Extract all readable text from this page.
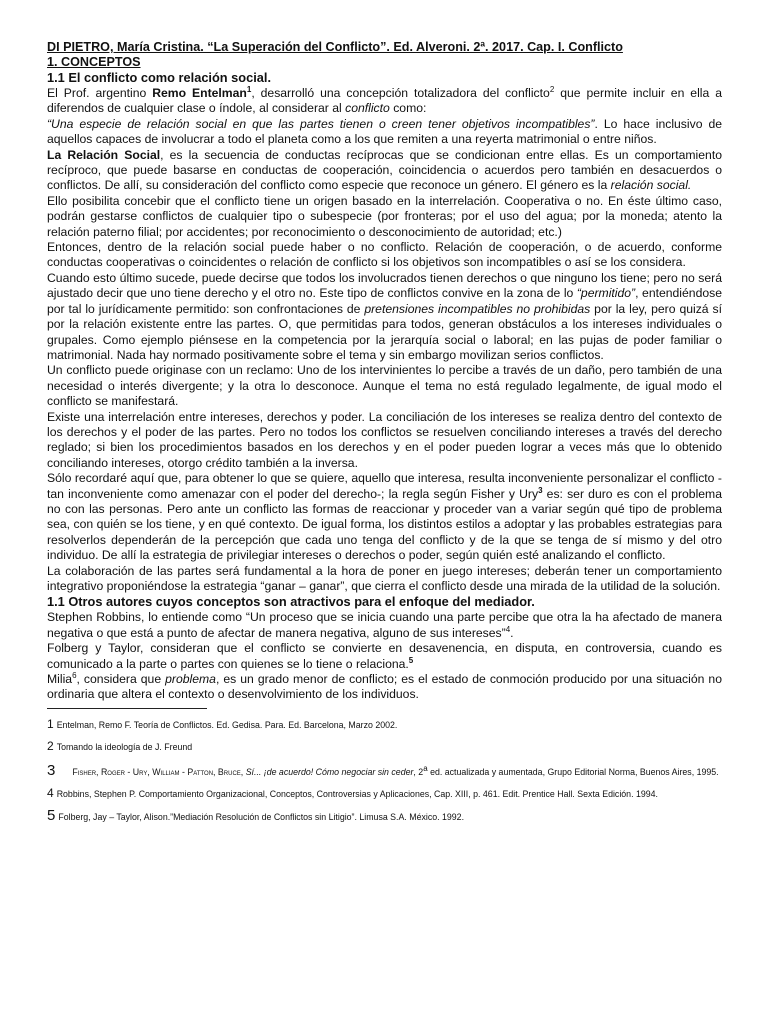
DI PIETRO, María Cristina. “La Superación del Conflicto”. Ed. Alveroni. 2ª. 2017. Cap. I. Conflicto
1. CONCEPTOS
1.1 El conflicto como relación social.

El Prof. argentino Remo Entelman$^1$, desarrolló una concepción totalizadora del conflicto$^2$ que permite incluir en ella a diferendos de cualquier clase o índole, al considerar al conflicto como:

“Una especie de relación social en que las partes tienen o creen tener objetivos incompatibles”. Lo hace inclusivo de aquellos capaces de involucrar a todo el planeta como a los que remiten a una reyerta matrimonial o entre niños.

La Relación Social, es la secuencia de conductas recíprocas que se condicionan entre ellas. Es un comportamiento recíproco, que puede basarse en conductas de cooperación, coincidencia o acuerdos pero también en desacuerdos o conflictos. De allí, su consideración del conflicto como especie que reconoce un género. El género es la relación social.

Ello posibilita concebir que el conflicto tiene un origen basado en la interrelación. Cooperativa o no. En éste último caso, podrán gestarse conflictos de cualquier tipo o subespecie (por fronteras; por el uso del agua; por la moneda; atento la relación paterno filial; por accidentes; por reconocimiento o desconocimiento de autoridad; etc.)

Entonces, dentro de la relación social puede haber o no conflicto. Relación de cooperación, o de acuerdo, conforme conductas cooperativas o coincidentes o relación de conflicto si los objetivos son incompatibles o así se los considera.

Cuando esto último sucede, puede decirse que todos los involucrados tienen derechos o que ninguno los tiene; pero no será ajustado decir que uno tiene derecho y el otro no. Este tipo de conflictos convive en la zona de lo “permitido”, entendiéndose por tal lo jurídicamente permitido: son confrontaciones de pretensiones incompatibles no prohibidas por la ley, pero quizá sí por la relación existente entre las partes. O, que permitidas para todos, generan obstáculos a los intereses individuales o grupales. Como ejemplo piénsese en la competencia por la jerarquía social o laboral; en las pujas de poder familiar o matrimonial. Nada hay normado positivamente sobre el tema y sin embargo movilizan serios conflictos.

Un conflicto puede originase con un reclamo: Uno de los intervinientes lo percibe a través de un daño, pero también de una necesidad o interés divergente; y la otra lo desconoce. Aunque el tema no está regulado legalmente, de igual modo el conflicto se manifestará.

Existe una interrelación entre intereses, derechos y poder. La conciliación de los intereses se realiza dentro del contexto de los derechos y el poder de las partes. Pero no todos los conflictos se resuelven conciliando intereses a través del derecho reglado; si bien los procedimientos basados en los derechos y en el poder pueden lograr a veces más que lo obtenido conciliando intereses, otorgo crédito también a la inversa.

Sólo recordaré aquí que, para obtener lo que se quiere, aquello que interesa, resulta inconveniente personalizar el conflicto -tan inconveniente como amenazar con el poder del derecho-; la regla según Fisher y Ury$^3$ es: ser duro es con el problema no con las personas. Pero ante un conflicto las formas de reaccionar y proceder van a variar según qué tipo de problema sea, con quién se los tiene, y en qué contexto. De igual forma, los distintos estilos a adoptar y las probables estrategias para resolverlos dependerán de la percepción que cada uno tenga del conflicto y de la que se tenga de sí mismo y del otro individuo. De allí la estrategia de privilegiar intereses o derechos o poder, según quién esté analizando el conflicto.

La colaboración de las partes será fundamental a la hora de poner en juego intereses; deberán tener un comportamiento integrativo proponiéndose la estrategia “ganar – ganar”, que cierra el conflicto desde una mirada de la utilidad de la solución.

1.1 Otros autores cuyos conceptos son atractivos para el enfoque del mediador.

Stephen Robbins, lo entiende como “Un proceso que se inicia cuando una parte percibe que otra la ha afectado de manera negativa o que está a punto de afectar de manera negativa, alguno de sus intereses”$^4$.

Folberg y Taylor, consideran que el conflicto se convierte en desavenencia, en disputa, en controversia, cuando es comunicado a la parte o partes con quienes se lo tiene o relaciona.$^5$

Milia$^6$, considera que problema, es un grado menor de conflicto; es el estado de conmoción producido por una situación no ordinaria que altera el contexto o desenvolvimiento de los individuos.

1 Entelman, Remo F. Teoría de Conflictos. Ed. Gedisa. Para. Ed. Barcelona, Marzo 2002.
2 Tomando la ideología de J. Freund
3 Fisher, Roger - Ury, William - Patton, Bruce, Sí... ¡de acuerdo! Cómo negociar sin ceder, 2$^a$ ed. actualizada y aumentada, Grupo Editorial Norma, Buenos Aires, 1995.
4 Robbins, Stephen P. Comportamiento Organizacional, Conceptos, Controversias y Aplicaciones, Cap. XIII, p. 461. Edit. Prentice Hall. Sexta Edición. 1994.
5 Folberg, Jay – Taylor, Alison.”Mediación Resolución de Conflictos sin Litigio”. Limusa S.A. México. 1992.
